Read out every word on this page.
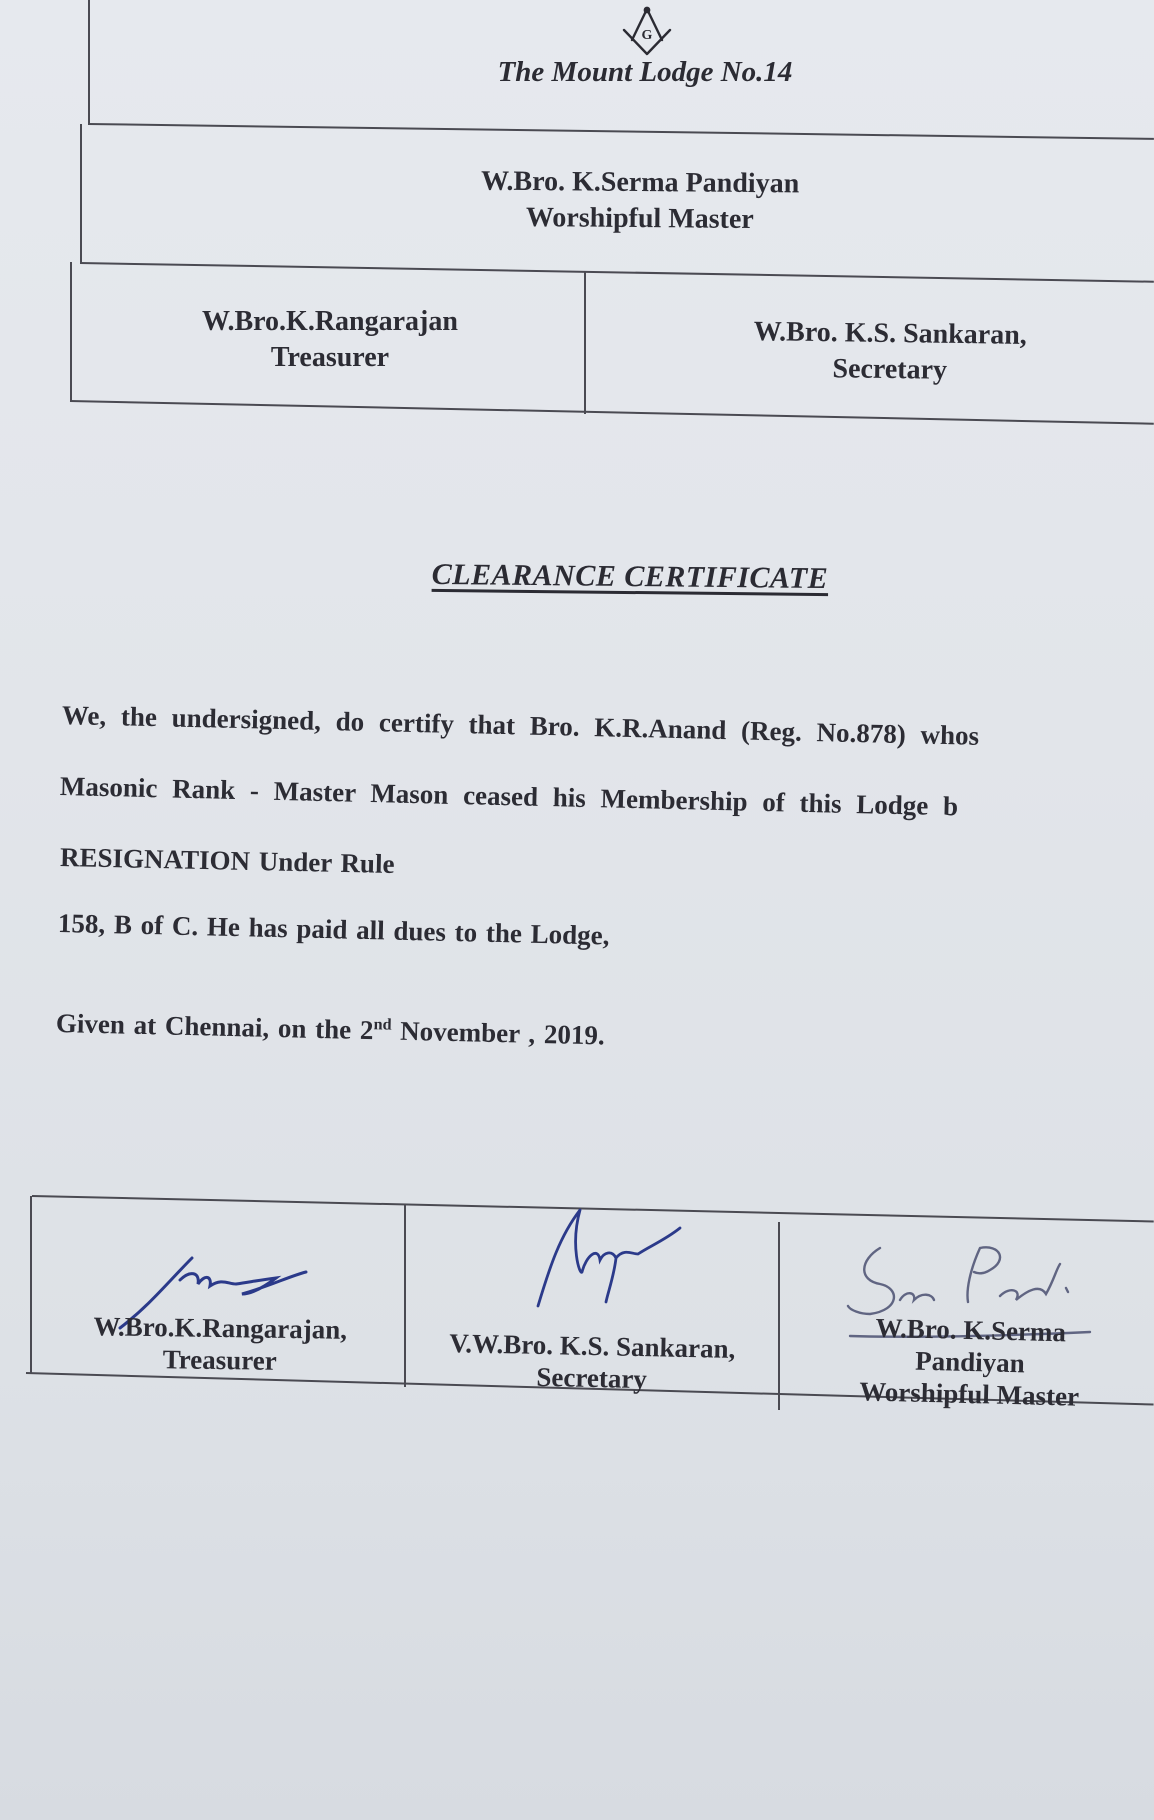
G
The Mount Lodge No.14
W.Bro. K.Serma Pandiyan
Worshipful Master
W.Bro.K.Rangarajan
Treasurer
W.Bro. K.S. Sankaran,
Secretary
CLEARANCE CERTIFICATE
We, the undersigned, do certify that Bro. K.R.Anand (Reg. No.878) whos
Masonic Rank - Master Mason ceased his Membership of this Lodge b
RESIGNATION Under Rule
158, B of C. He has paid all dues to the Lodge,
Given at Chennai, on the 2nd November , 2019.
W.Bro.K.Rangarajan,
Treasurer	V.W.Bro. K.S. Sankaran,
Secretary
W.Bro. K.Serma
Pandiyan
Worshipful Master
